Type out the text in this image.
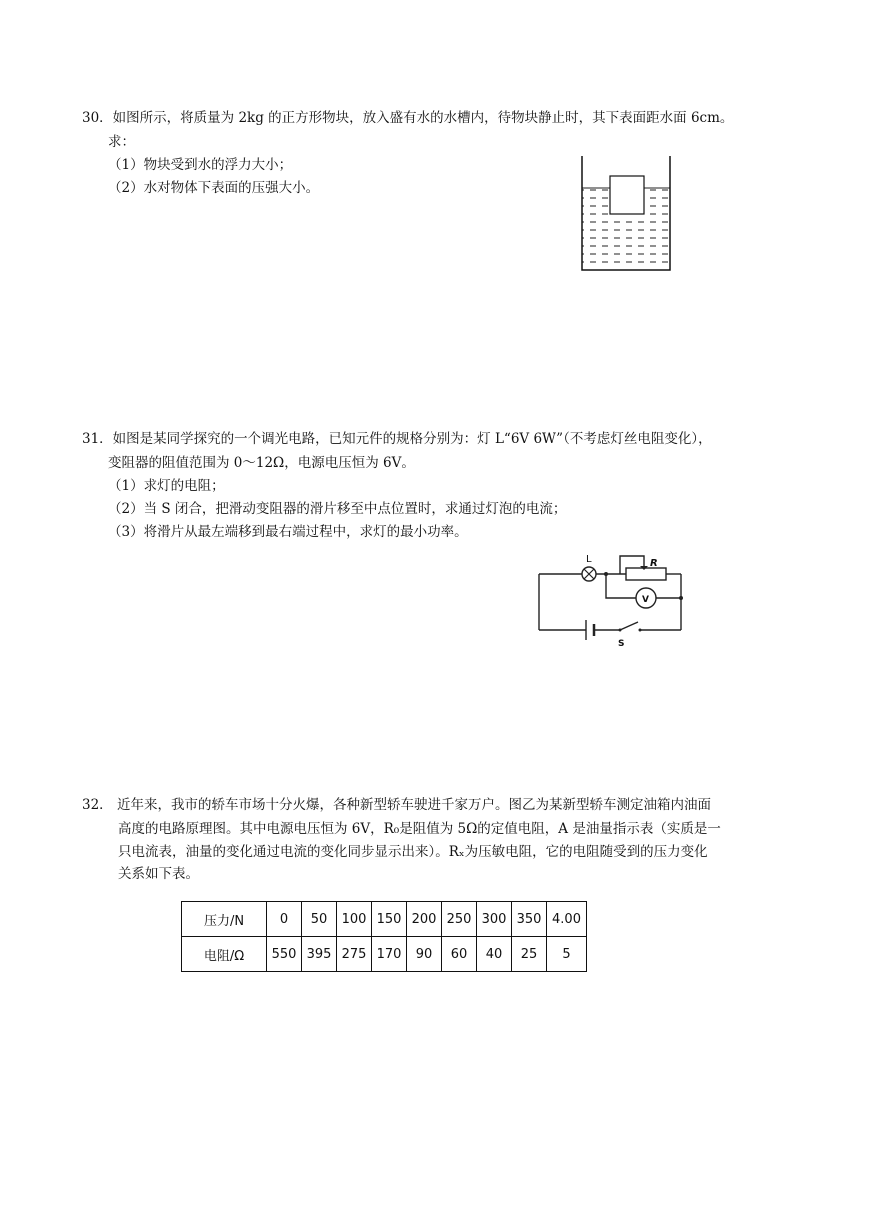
30．如图所示，将质量为 2kg 的正方形物块，放入盛有水的水槽内，待物块静止时，其下表面距水面 6cm。
求：
（1）物块受到水的浮力大小；
（2）水对物体下表面的压强大小。
31．如图是某同学探究的一个调光电路，已知元件的规格分别为：灯 L“6V 6W”（不考虑灯丝电阻变化），
变阻器的阻值范围为 0～12Ω，电源电压恒为 6V。
（1）求灯的电阻；
（2）当 S 闭合，把滑动变阻器的滑片移至中点位置时，求通过灯泡的电流；
（3）将滑片从最左端移到最右端过程中，求灯的最小功率。
L	R
V
S
32． 近年来，我市的轿车市场十分火爆，各种新型轿车驶进千家万户。图乙为某新型轿车测定油箱内油面
高度的电路原理图。其中电源电压恒为 6V，R₀是阻值为 5Ω的定值电阻，A 是油量指示表（实质是一
只电流表，油量的变化通过电流的变化同步显示出来）。Rₓ为压敏电阻，它的电阻随受到的压力变化
关系如下表。
压力/N	0	50	100	150	200	250	300	350	4.00
电阻/Ω	550	395	275	170	90	60	40	25	5
